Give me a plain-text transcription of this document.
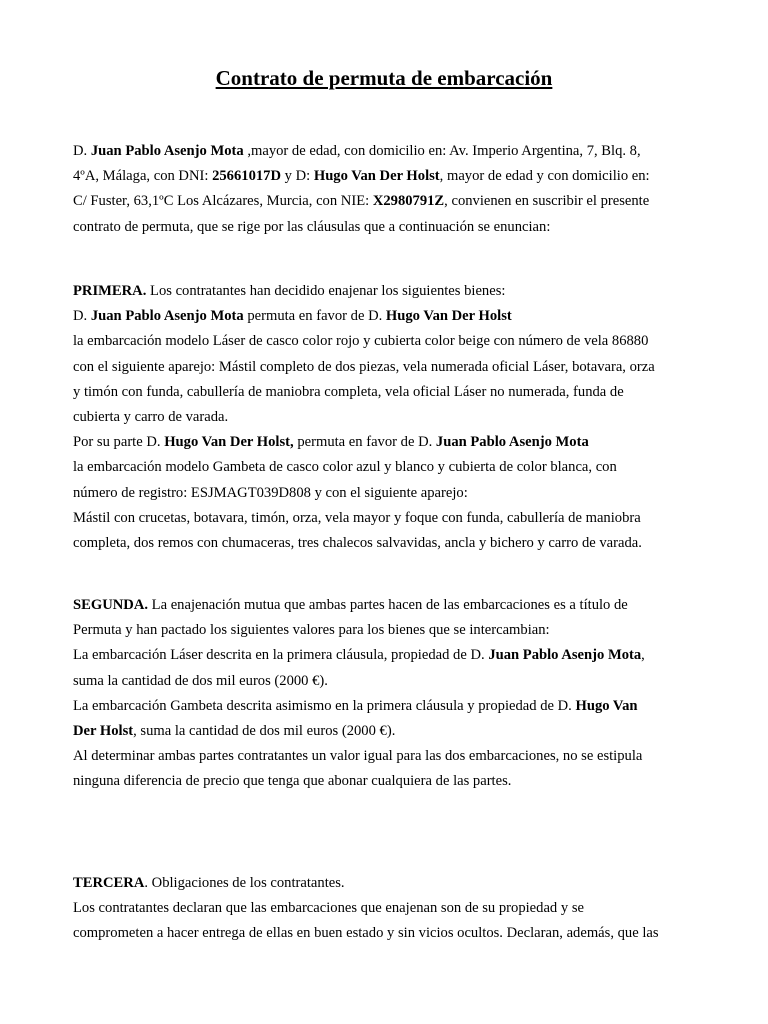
Contrato de permuta de embarcación
D. Juan Pablo Asenjo Mota ,mayor de edad, con domicilio en: Av. Imperio Argentina, 7, Blq. 8,
4ºA, Málaga, con DNI: 25661017D y D: Hugo Van Der Holst, mayor de edad y con domicilio en:
C/ Fuster, 63,1ºC Los Alcázares, Murcia, con NIE: X2980791Z, convienen en suscribir el presente
contrato de permuta, que se rige por las cláusulas que a continuación se enuncian:
PRIMERA. Los contratantes han decidido enajenar los siguientes bienes:
D. Juan Pablo Asenjo Mota permuta en favor de D. Hugo Van Der Holst
la embarcación modelo Láser de casco color rojo y cubierta color beige con número de vela 86880
con el siguiente aparejo: Mástil completo de dos piezas, vela numerada oficial Láser, botavara, orza
y timón con funda, cabullería de maniobra completa, vela oficial Láser no numerada, funda de
cubierta y carro de varada.
Por su parte D. Hugo Van Der Holst, permuta en favor de D. Juan Pablo Asenjo Mota
la embarcación modelo Gambeta de casco color azul y blanco y cubierta de color blanca, con
número de registro: ESJMAGT039D808 y con el siguiente aparejo:
Mástil con crucetas, botavara, timón, orza, vela mayor y foque con funda, cabullería de maniobra
completa, dos remos con chumaceras, tres chalecos salvavidas, ancla y bichero y carro de varada.
SEGUNDA. La enajenación mutua que ambas partes hacen de las embarcaciones es a título de
Permuta y han pactado los siguientes valores para los bienes que se intercambian:
La embarcación Láser descrita en la primera cláusula, propiedad de D. Juan Pablo Asenjo Mota,
suma la cantidad de dos mil euros (2000 €).
La embarcación Gambeta descrita asimismo en la primera cláusula y propiedad de D. Hugo Van
Der Holst, suma la cantidad de dos mil euros (2000 €).
Al determinar ambas partes contratantes un valor igual para las dos embarcaciones, no se estipula
ninguna diferencia de precio que tenga que abonar cualquiera de las partes.
TERCERA. Obligaciones de los contratantes.
Los contratantes declaran que las embarcaciones que enajenan son de su propiedad y se
comprometen a hacer entrega de ellas en buen estado y sin vicios ocultos. Declaran, además, que las
